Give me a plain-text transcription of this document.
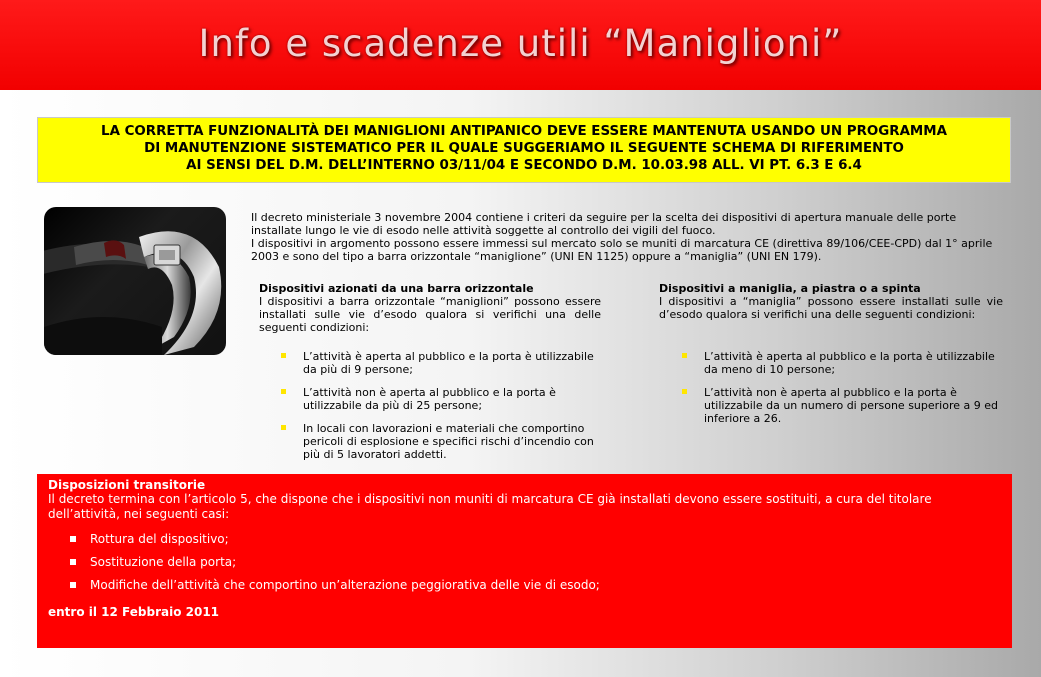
Info e scadenze utili “Maniglioni”
LA CORRETTA FUNZIONALITÀ DEI MANIGLIONI ANTIPANICO DEVE ESSERE MANTENUTA USANDO UN PROGRAMMA
DI MANUTENZIONE SISTEMATICO PER IL QUALE SUGGERIAMO IL SEGUENTE SCHEMA DI RIFERIMENTO
AI SENSI DEL D.M. DELL’INTERNO 03/11/04 E SECONDO D.M. 10.03.98 ALL. VI PT. 6.3 E 6.4
Il decreto ministeriale 3 novembre 2004 contiene i criteri da seguire per la scelta dei dispositivi di apertura manuale delle porte installate lungo le vie di esodo nelle attività soggette al controllo dei vigili del fuoco.
I dispositivi in argomento possono essere immessi sul mercato solo se muniti di marcatura CE (direttiva 89/106/CEE-CPD) dal 1° aprile 2003 e sono del tipo a barra orizzontale “maniglione” (UNI EN 1125) oppure a “maniglia” (UNI EN 179).
Dispositivi azionati da una barra orizzontale
I dispositivi a barra orizzontale “maniglioni” possono essere installati sulle vie d’esodo qualora si verifichi una delle seguenti condizioni:
L’attività è aperta al pubblico e la porta è utilizzabile da più di 9 persone;
L’attività non è aperta al pubblico e la porta è utilizzabile da più di 25 persone;
In locali con lavorazioni e materiali che comportino pericoli di esplosione e specifici rischi d’incendio con più di 5 lavoratori addetti.
Dispositivi a maniglia, a piastra o a spinta
I dispositivi a “maniglia” possono essere installati sulle vie d’esodo qualora si verifichi una delle seguenti condizioni:
L’attività è aperta al pubblico e la porta è utilizzabile da meno di 10 persone;
L’attività non è aperta al pubblico e la porta è utilizzabile da un numero di persone superiore a 9 ed inferiore a 26.
Disposizioni transitorie
Il decreto termina con l’articolo 5, che dispone che i dispositivi non muniti di marcatura CE già installati devono essere sostituiti, a cura del titolare dell’attività, nei seguenti casi:
Rottura del dispositivo;
Sostituzione della porta;
Modifiche dell’attività che comportino un’alterazione peggiorativa delle vie di esodo;
entro il 12 Febbraio 2011
